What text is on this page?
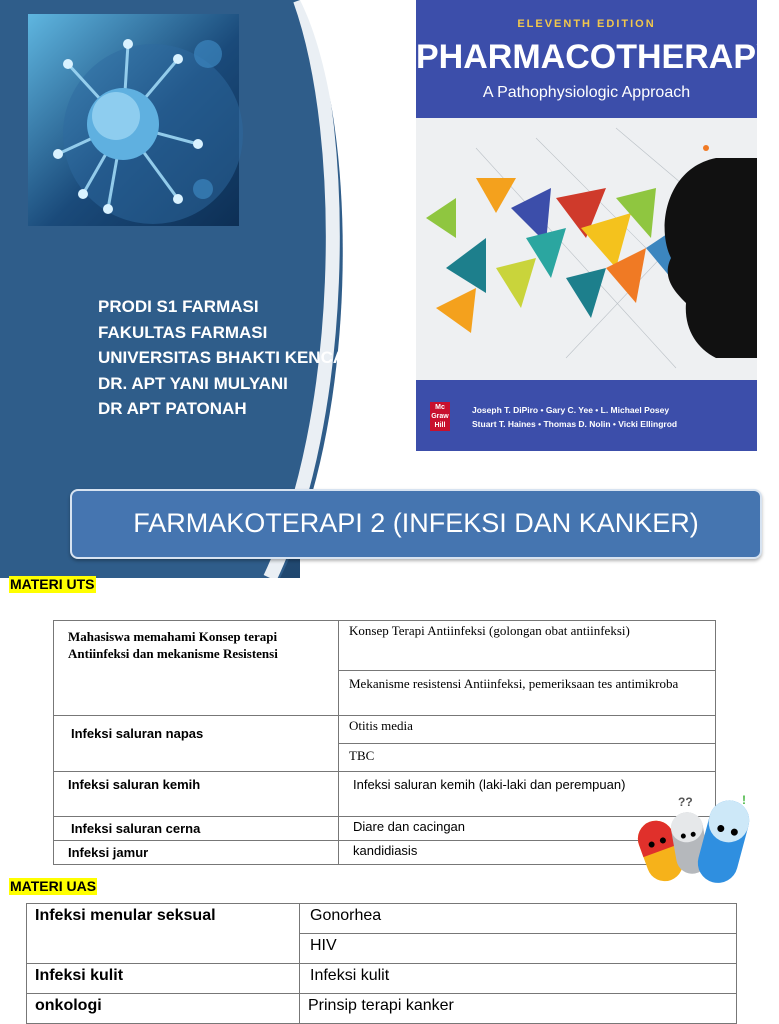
PRODI S1 FARMASI
FAKULTAS FARMASI
UNIVERSITAS BHAKTI KENCANA
DR. APT YANI MULYANI
DR APT PATONAH
ELEVENTH EDITION
PHARMACOTHERAPY
A Pathophysiologic Approach
Mc
Graw
Hill
Joseph T. DiPiro • Gary C. Yee • L. Michael Posey
Stuart T. Haines • Thomas D. Nolin • Vicki Ellingrod
FARMAKOTERAPI 2 (INFEKSI DAN KANKER)
MATERI UTS
Mahasiswa memahami Konsep terapi Antiinfeksi dan mekanisme Resistensi	Konsep Terapi Antiinfeksi (golongan obat antiinfeksi)
	Mekanisme resistensi Antiinfeksi, pemeriksaan tes antimikroba
Infeksi saluran napas	Otitis media
	TBC
Infeksi saluran kemih	Infeksi saluran kemih (laki-laki dan perempuan)
Infeksi saluran cerna	Diare dan cacingan
Infeksi jamur	kandidiasis
??	!
MATERI UAS
Infeksi menular seksual	Gonorhea
	HIV
Infeksi kulit	Infeksi kulit
onkologi	Prinsip terapi kanker
